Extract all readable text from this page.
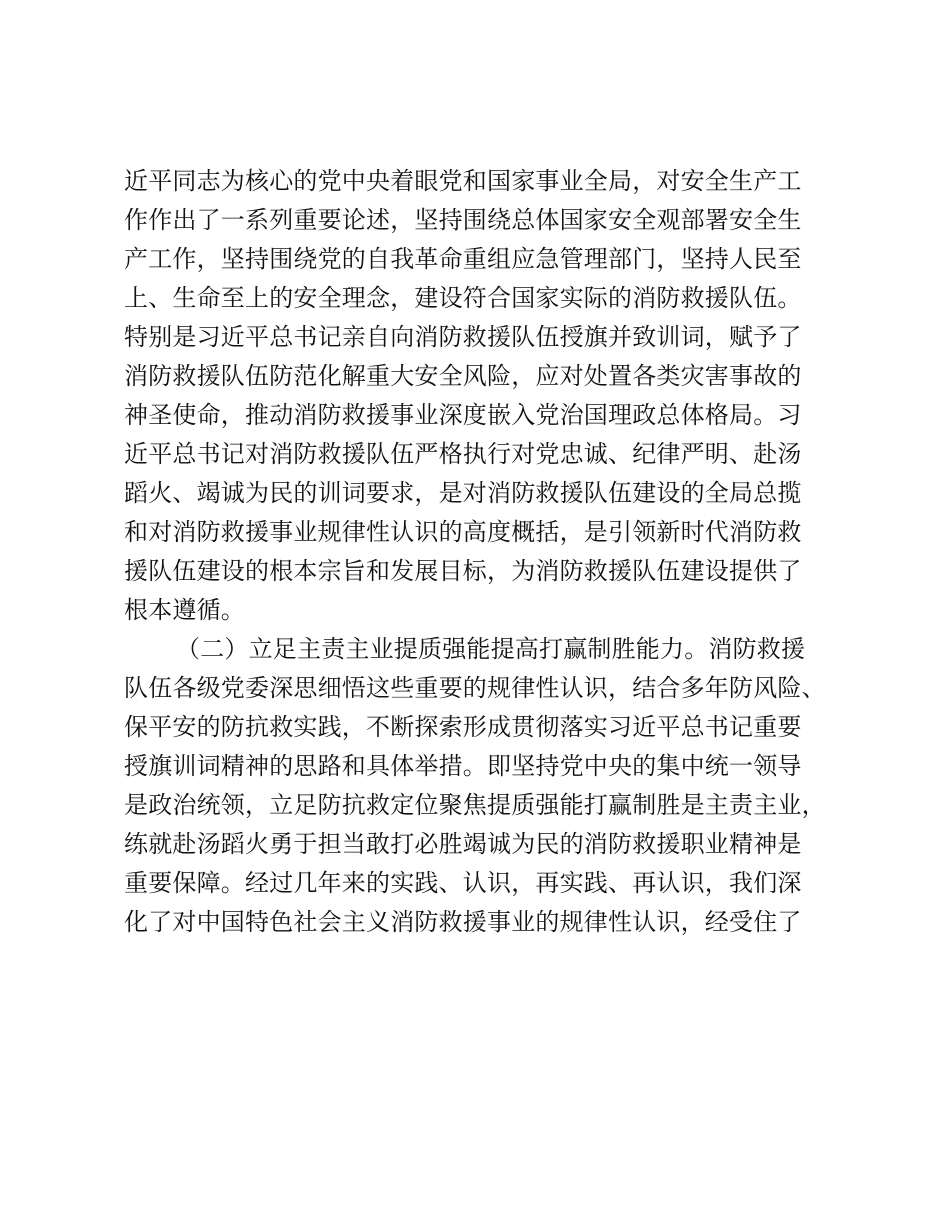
近平同志为核心的党中央着眼党和国家事业全局，对安全生产工
作作出了一系列重要论述，坚持围绕总体国家安全观部署安全生
产工作，坚持围绕党的自我革命重组应急管理部门，坚持人民至
上、生命至上的安全理念，建设符合国家实际的消防救援队伍。
特别是习近平总书记亲自向消防救援队伍授旗并致训词，赋予了
消防救援队伍防范化解重大安全风险，应对处置各类灾害事故的
神圣使命，推动消防救援事业深度嵌入党治国理政总体格局。习
近平总书记对消防救援队伍严格执行对党忠诚、纪律严明、赴汤
蹈火、竭诚为民的训词要求，是对消防救援队伍建设的全局总揽
和对消防救援事业规律性认识的高度概括，是引领新时代消防救
援队伍建设的根本宗旨和发展目标，为消防救援队伍建设提供了
根本遵循。
（二）立足主责主业提质强能提高打赢制胜能力。消防救援
队伍各级党委深思细悟这些重要的规律性认识，结合多年防风险、
保平安的防抗救实践，不断探索形成贯彻落实习近平总书记重要
授旗训词精神的思路和具体举措。即坚持党中央的集中统一领导
是政治统领，立足防抗救定位聚焦提质强能打赢制胜是主责主业，
练就赴汤蹈火勇于担当敢打必胜竭诚为民的消防救援职业精神是
重要保障。经过几年来的实践、认识，再实践、再认识，我们深
化了对中国特色社会主义消防救援事业的规律性认识，经受住了
